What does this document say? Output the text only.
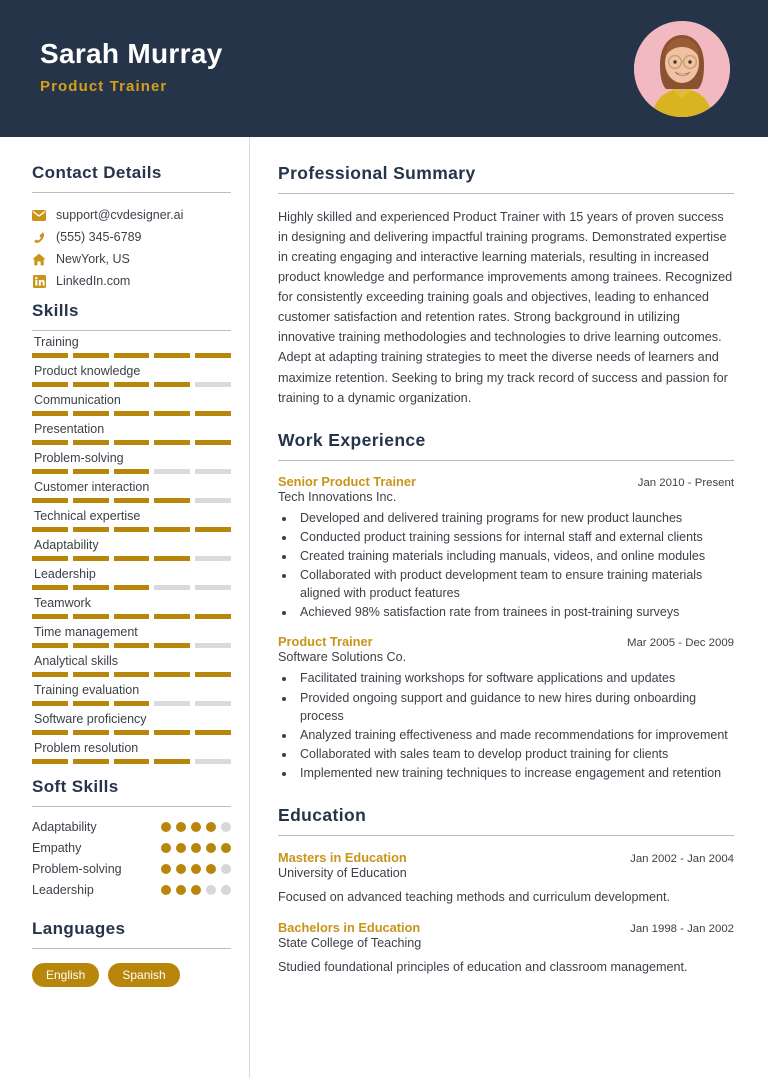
Sarah Murray
Product Trainer
Contact Details
support@cvdesigner.ai
(555) 345-6789
NewYork, US
LinkedIn.com
Skills
Training
Product knowledge
Communication
Presentation
Problem-solving
Customer interaction
Technical expertise
Adaptability
Leadership
Teamwork
Time management
Analytical skills
Training evaluation
Software proficiency
Problem resolution
Soft Skills
Adaptability
Empathy
Problem-solving
Leadership
Languages
English	Spanish
Professional Summary

Highly skilled and experienced Product Trainer with 15 years of proven success in designing and delivering impactful training programs. Demonstrated expertise in creating engaging and interactive learning materials, resulting in increased product knowledge and performance improvements among trainees. Recognized for consistently exceeding training goals and objectives, leading to enhanced customer satisfaction and retention rates. Strong background in utilizing innovative training methodologies and technologies to drive learning outcomes. Adept at adapting training strategies to meet the diverse needs of learners and maximize retention. Seeking to bring my track record of success and passion for training to a dynamic organization.

Work Experience
Senior Product Trainer	Jan 2010 - Present
Tech Innovations Inc.
• Developed and delivered training programs for new product launches
• Conducted product training sessions for internal staff and external clients
• Created training materials including manuals, videos, and online modules
• Collaborated with product development team to ensure training materials aligned with product features
• Achieved 98% satisfaction rate from trainees in post-training surveys
Product Trainer	Mar 2005 - Dec 2009
Software Solutions Co.
• Facilitated training workshops for software applications and updates
• Provided ongoing support and guidance to new hires during onboarding process
• Analyzed training effectiveness and made recommendations for improvement
• Collaborated with sales team to develop product training for clients
• Implemented new training techniques to increase engagement and retention
Education
Masters in Education	Jan 2002 - Jan 2004
University of Education
Focused on advanced teaching methods and curriculum development.
Bachelors in Education	Jan 1998 - Jan 2002
State College of Teaching
Studied foundational principles of education and classroom management.
